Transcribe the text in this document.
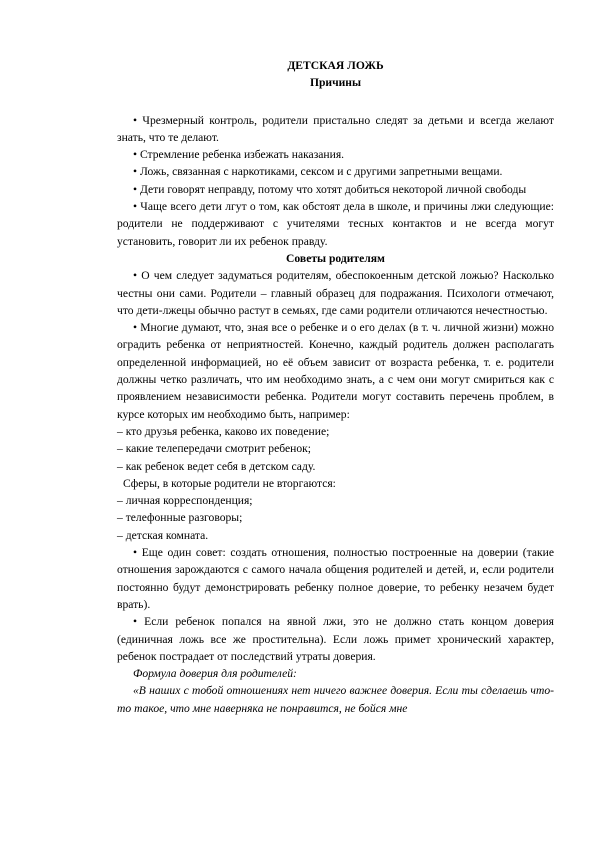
ДЕТСКАЯ ЛОЖЬ

Причины

• Чрезмерный контроль, родители пристально следят за детьми и всегда желают знать, что те делают.

• Стремление ребенка избежать наказания.

• Ложь, связанная с наркотиками, сексом и с другими запретными вещами.

• Дети говорят неправду, потому что хотят добиться некоторой личной свободы

• Чаще всего дети лгут о том, как обстоят дела в школе, и причины лжи следующие: родители не поддерживают с учителями тесных контактов и не всегда могут установить, говорит ли их ребенок правду.

Советы родителям

• О чем следует задуматься родителям, обеспокоенным детской ложью? Насколько честны они сами. Родители – главный образец для подражания. Психологи отмечают, что дети-лжецы обычно растут в семьях, где сами родители отличаются нечестностью.

• Многие думают, что, зная все о ребенке и о его делах (в т. ч. личной жизни) можно оградить ребенка от неприятностей. Конечно, каждый родитель должен располагать определенной информацией, но её объем зависит от возраста ребенка, т. е. родители должны четко различать, что им необходимо знать, а с чем они могут смириться как с проявлением независимости ребенка. Родители могут составить перечень проблем, в курсе которых им необходимо быть, например:

– кто друзья ребенка, каково их поведение;

– какие телепередачи смотрит ребенок;

– как ребенок ведет себя в детском саду.

Сферы, в которые родители не вторгаются:

– личная корреспонденция;

– телефонные разговоры;

– детская комната.

• Еще один совет: создать отношения, полностью построенные на доверии (такие отношения зарождаются с самого начала общения родителей и детей, и, если родители постоянно будут демонстрировать ребенку полное доверие, то ребенку незачем будет врать).

• Если ребенок попался на явной лжи, это не должно стать концом доверия (единичная ложь все же простительна). Если ложь примет хронический характер, ребенок пострадает от последствий утраты доверия.

Формула доверия для родителей:

«В наших с тобой отношениях нет ничего важнее доверия. Если ты сделаешь что-то такое, что мне наверняка не понравится, не бойся мне
